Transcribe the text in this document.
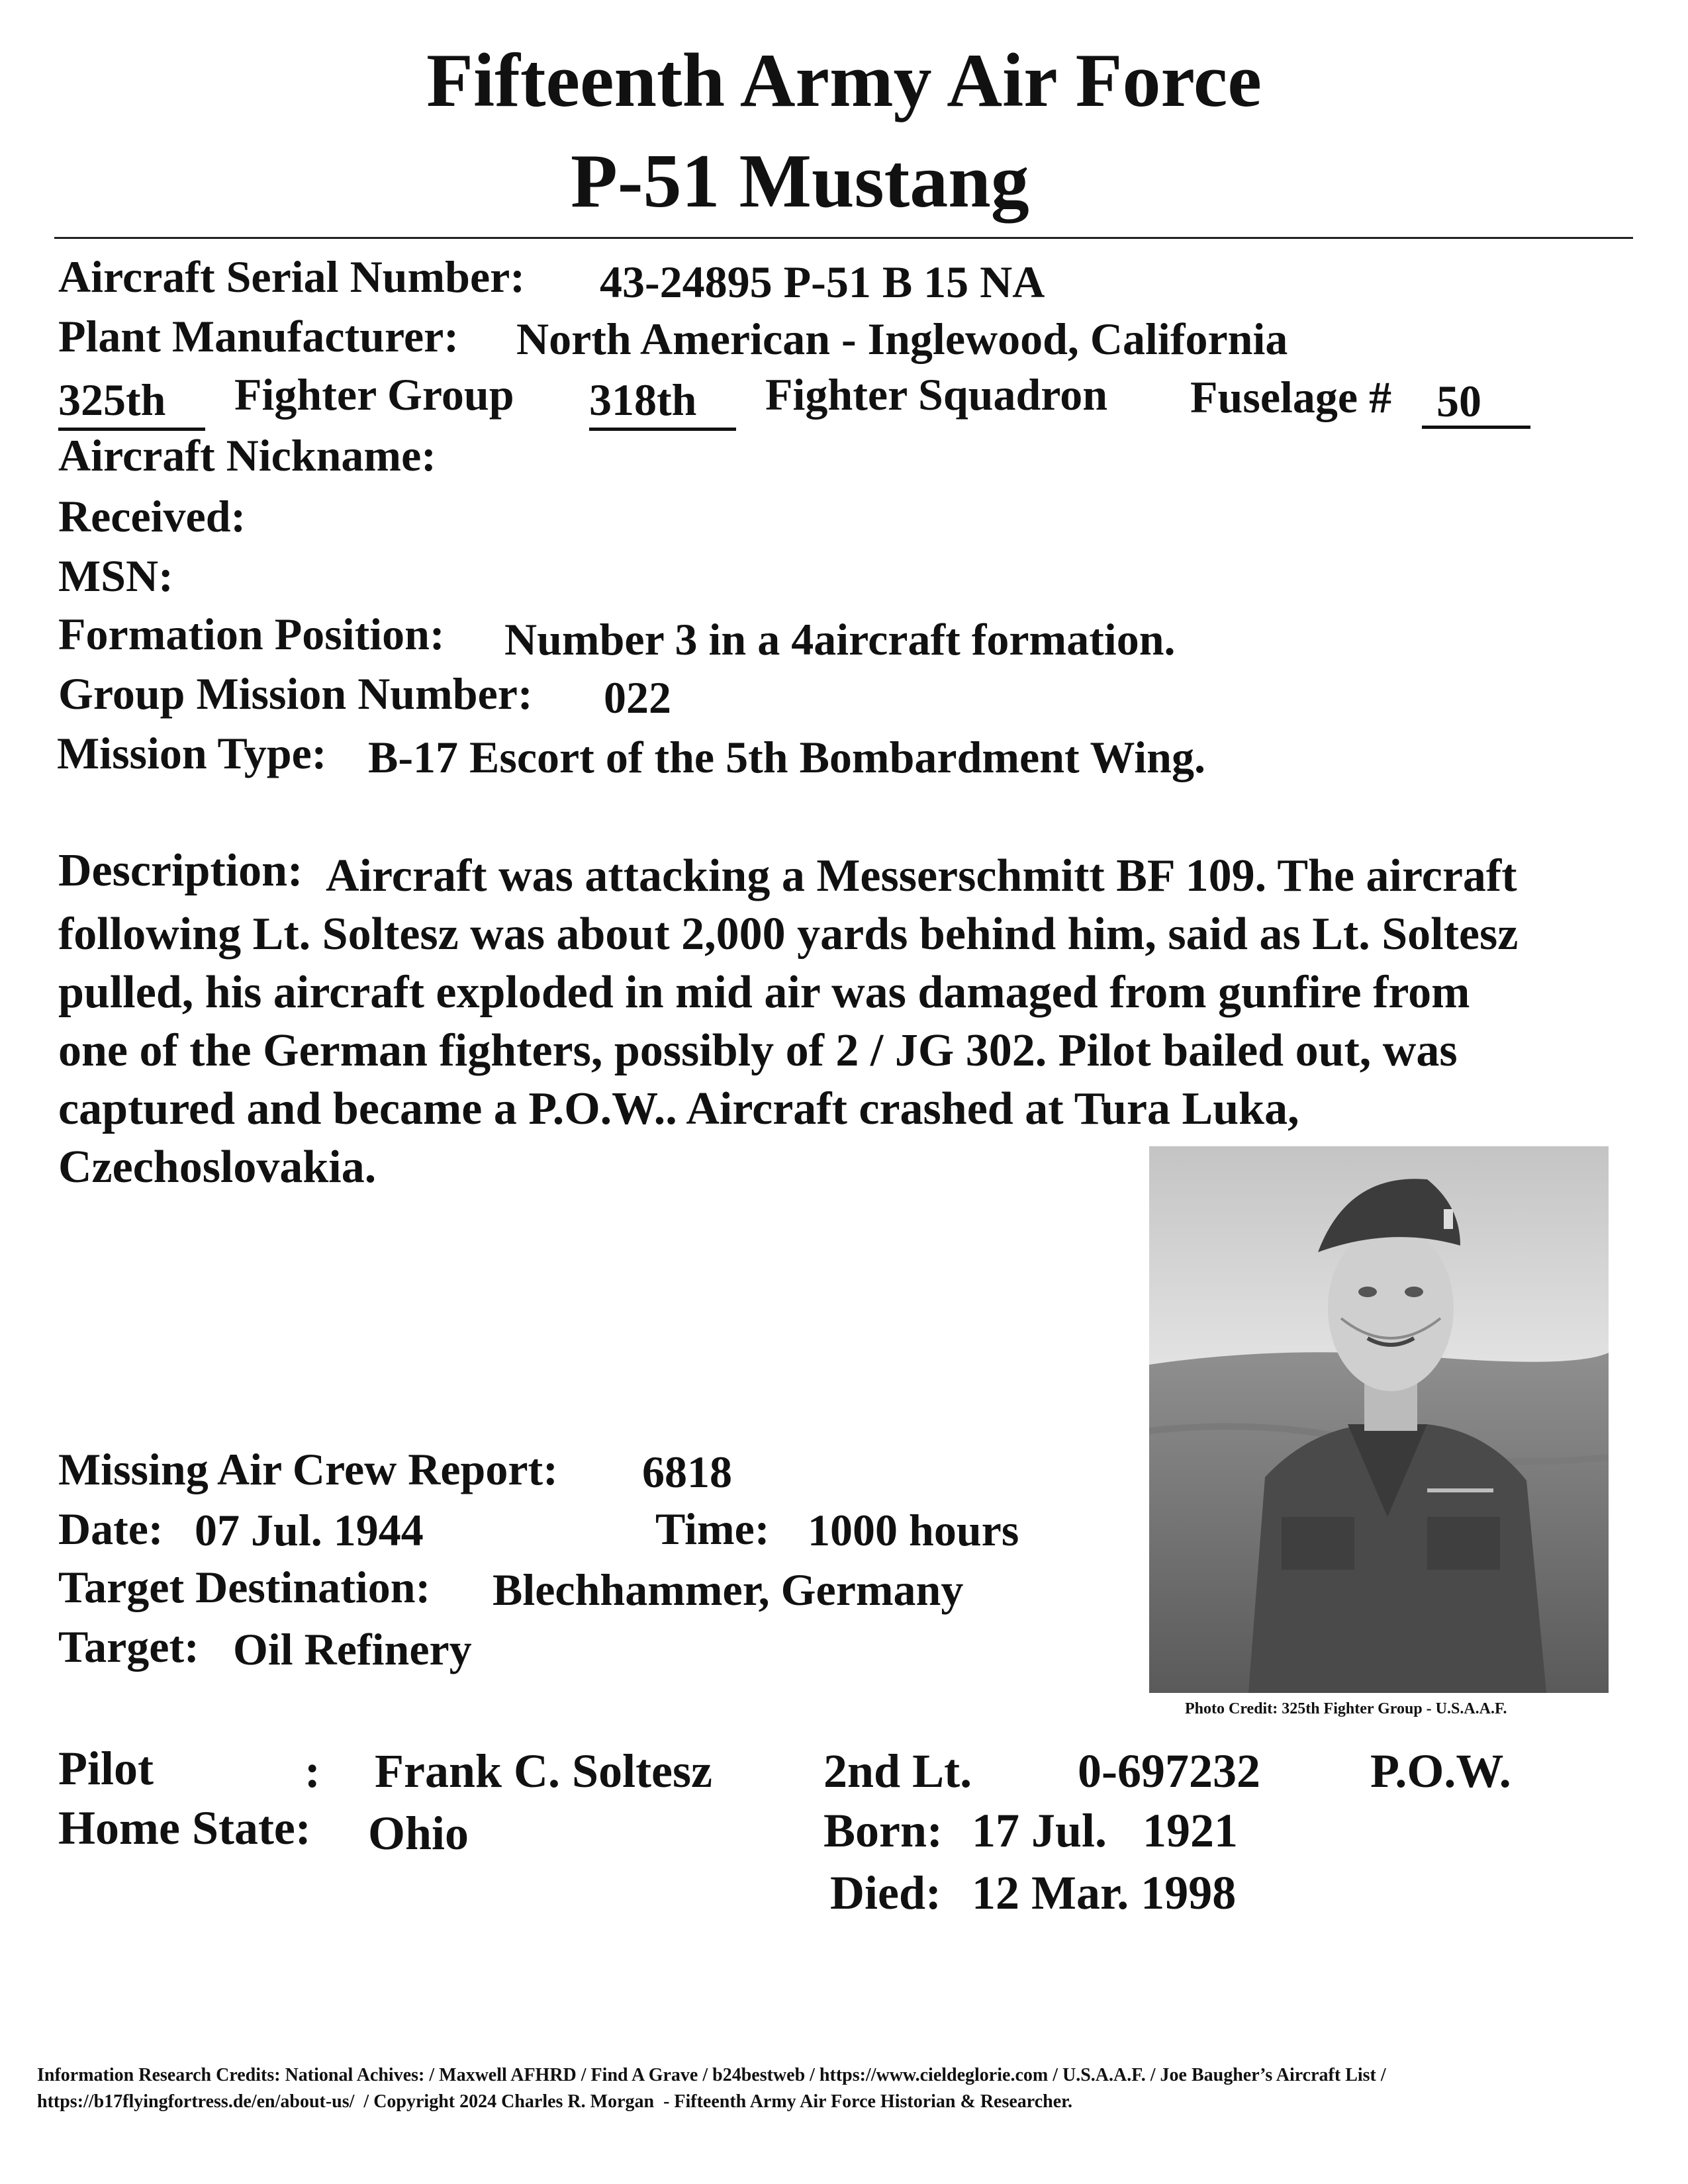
Fifteenth Army Air Force
P-51 Mustang
Aircraft Serial Number: 43-24895 P-51 B 15 NA
Plant Manufacturer: North American - Inglewood, California
325th	Fighter Group 318th	Fighter Squadron Fuselage # 50
Aircraft Nickname:
Received:
MSN:
Formation Position: Number 3 in a 4aircraft formation.
Group Mission Number: 022
Mission Type: B-17 Escort of the 5th Bombardment Wing.
Description: Aircraft was attacking a Messerschmitt BF 109. The aircraft
following Lt. Soltesz was about 2,000 yards behind him, said as Lt. Soltesz
pulled, his aircraft exploded in mid air was damaged from gunfire from
one of the German fighters, possibly of 2 / JG 302. Pilot bailed out, was
captured and became a P.O.W.. Aircraft crashed at Tura Luka,
Czechoslovakia.
Photo Credit: 325th Fighter Group - U.S.A.A.F.
Missing Air Crew Report: 6818
Date: 07 Jul. 1944	Time: 1000 hours
Target Destination: Blechhammer, Germany
Target: Oil Refinery
Pilot	: Frank C. Soltesz 2nd Lt. 0-697232 P.O.W.
Home State: Ohio	Born: 17 Jul.   1921
Died: 12 Mar. 1998
Information Research Credits: National Achives: / Maxwell AFHRD / Find A Grave / b24bestweb / https://www.cieldeglorie.com / U.S.A.A.F. / Joe Baugher’s Aircraft List /
https://b17flyingfortress.de/en/about-us/  / Copyright 2024 Charles R. Morgan  - Fifteenth Army Air Force Historian & Researcher.
